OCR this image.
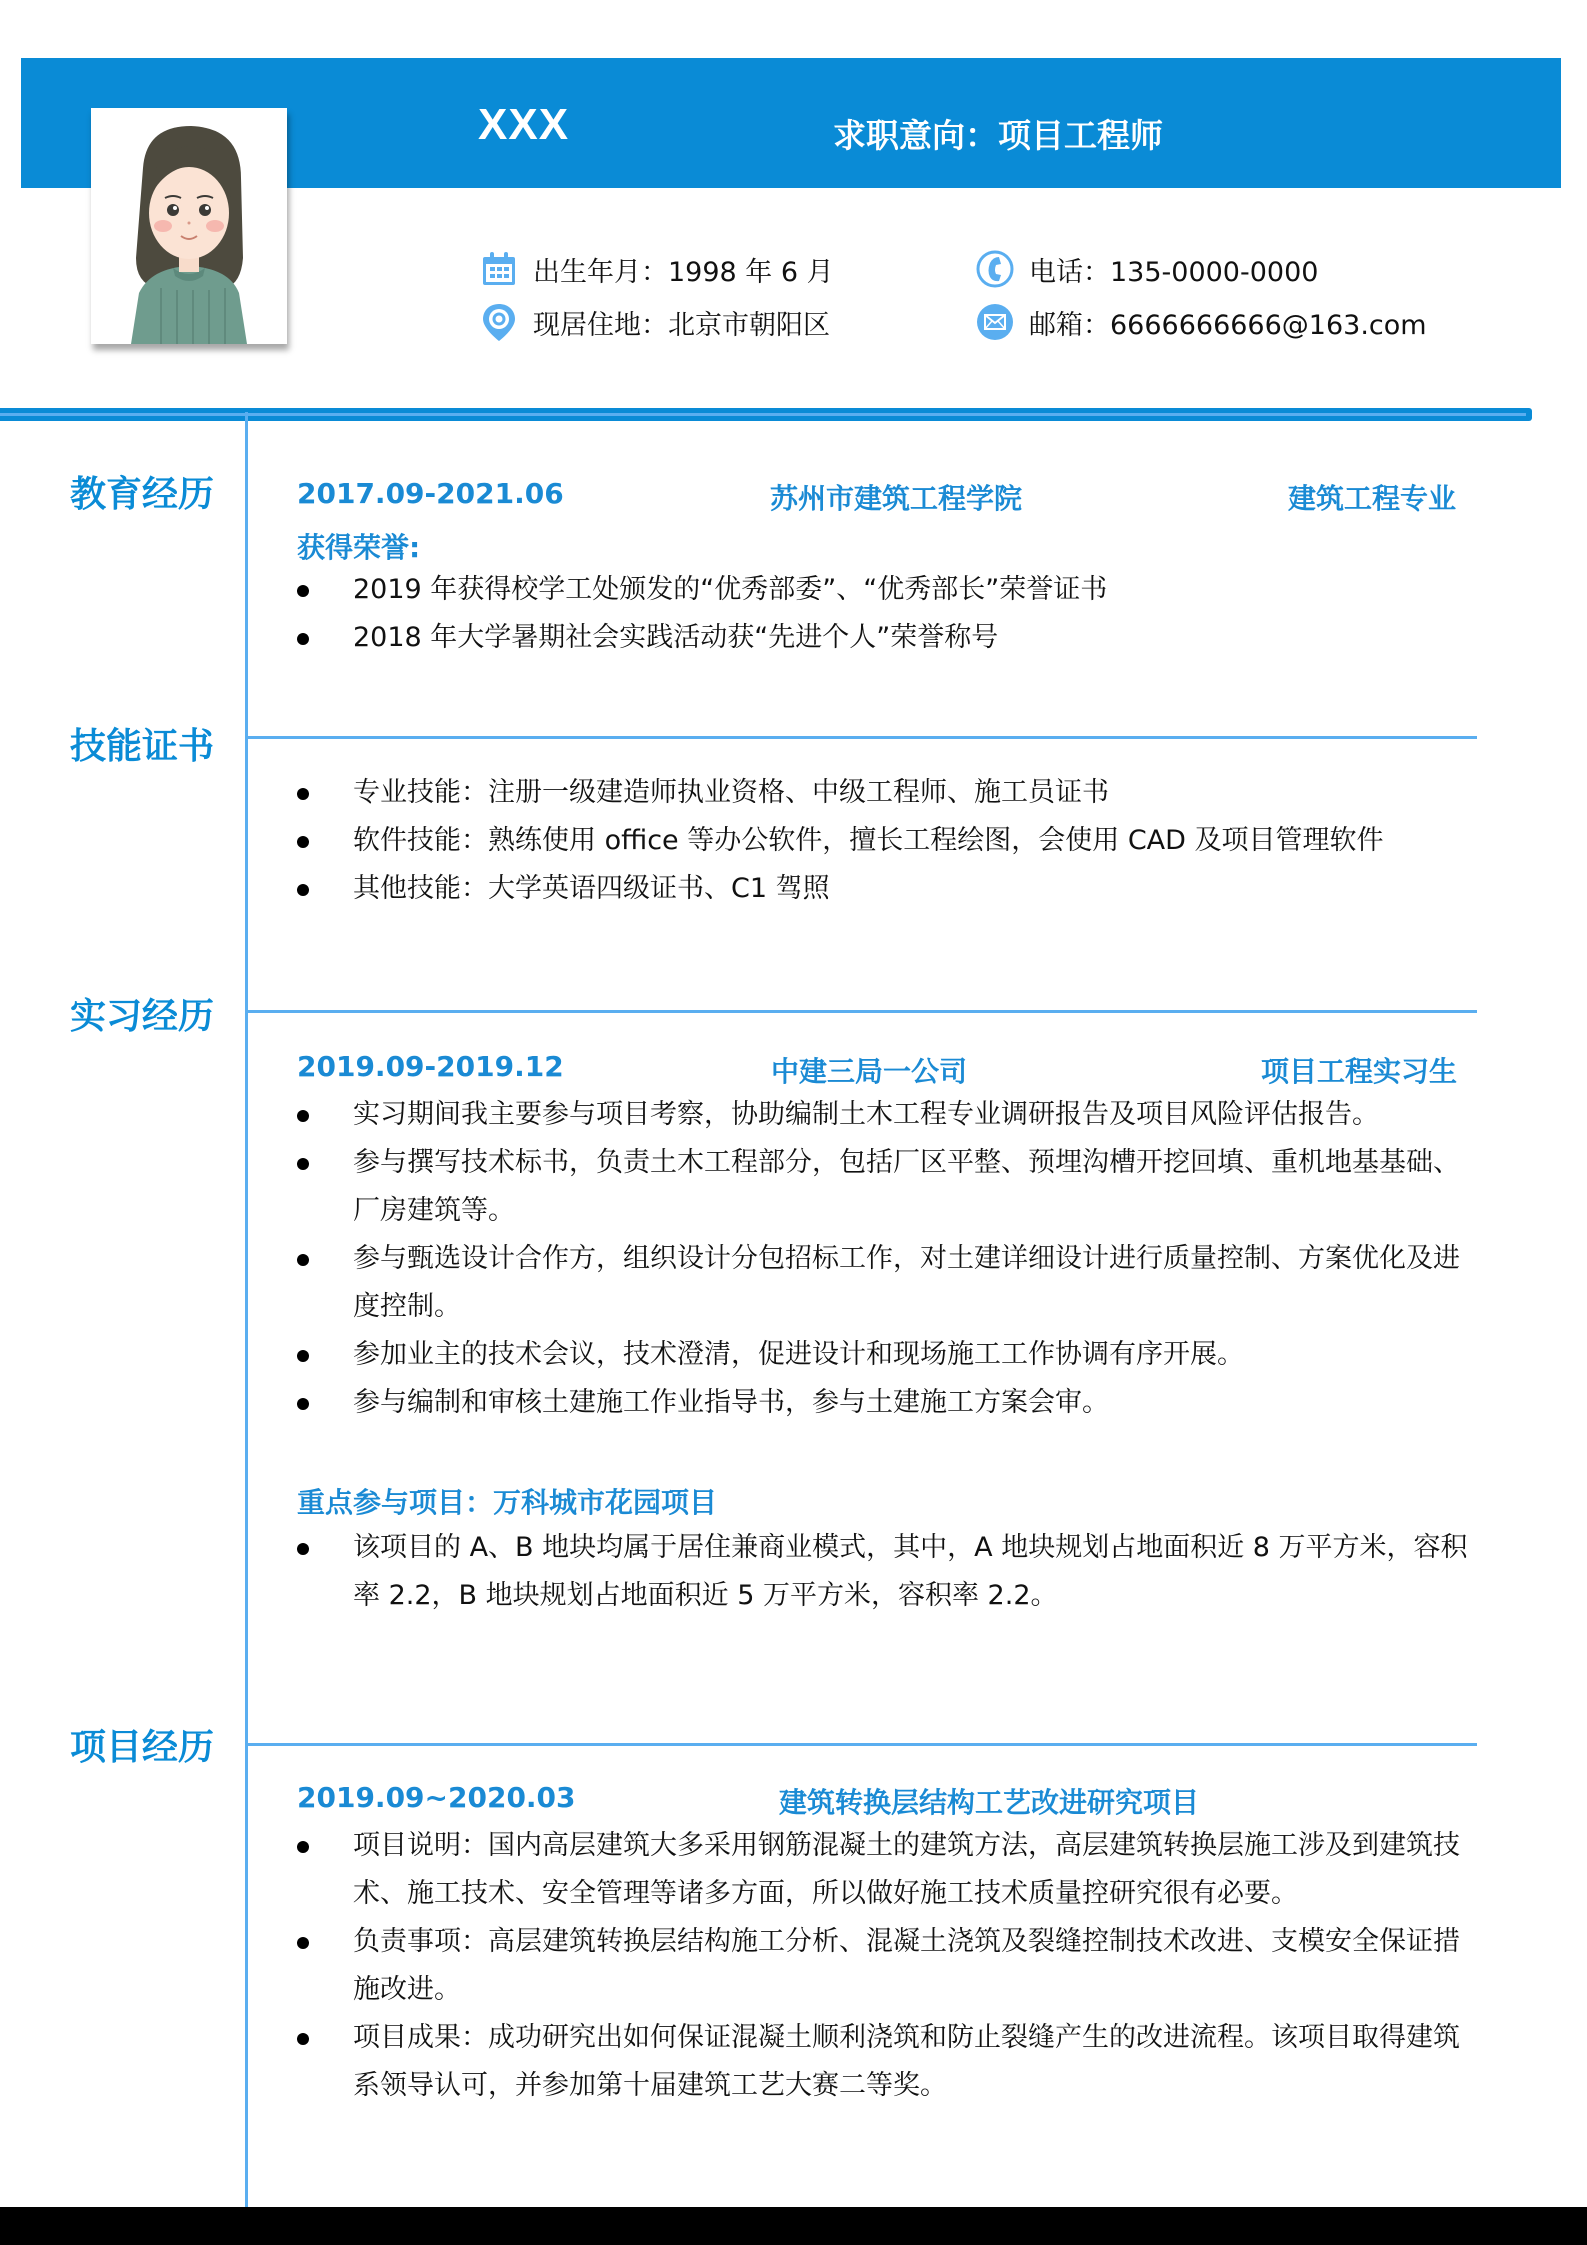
XXX	求职意向：项目工程师
出生年月：1998 年 6 月
现居住地：北京市朝阳区
电话：135-0000-0000
邮箱：6666666666@163.com
教育经历	2017.09-2021.06	苏州市建筑工程学院	建筑工程专业
获得荣誉:
2019 年获得校学工处颁发的“优秀部委”、“优秀部长”荣誉证书
2018 年大学暑期社会实践活动获“先进个人”荣誉称号
技能证书
专业技能：注册一级建造师执业资格、中级工程师、施工员证书
软件技能：熟练使用 office 等办公软件，擅长工程绘图，会使用 CAD 及项目管理软件
其他技能：大学英语四级证书、C1 驾照
实习经历
2019.09-2019.12	中建三局一公司	项目工程实习生
实习期间我主要参与项目考察，协助编制土木工程专业调研报告及项目风险评估报告。
参与撰写技术标书，负责土木工程部分，包括厂区平整、预埋沟槽开挖回填、重机地基基础、厂房建筑等。
参与甄选设计合作方，组织设计分包招标工作，对土建详细设计进行质量控制、方案优化及进度控制。
参加业主的技术会议，技术澄清，促进设计和现场施工工作协调有序开展。
参与编制和审核土建施工作业指导书，参与土建施工方案会审。
重点参与项目：万科城市花园项目
该项目的 A、B 地块均属于居住兼商业模式，其中，A 地块规划占地面积近 8 万平方米，容积率 2.2，B 地块规划占地面积近 5 万平方米，容积率 2.2。
项目经历
2019.09~2020.03	建筑转换层结构工艺改进研究项目
项目说明：国内高层建筑大多采用钢筋混凝土的建筑方法，高层建筑转换层施工涉及到建筑技术、施工技术、安全管理等诸多方面，所以做好施工技术质量控研究很有必要。
负责事项：高层建筑转换层结构施工分析、混凝土浇筑及裂缝控制技术改进、支模安全保证措施改进。
项目成果：成功研究出如何保证混凝土顺利浇筑和防止裂缝产生的改进流程。该项目取得建筑系领导认可，并参加第十届建筑工艺大赛二等奖。
